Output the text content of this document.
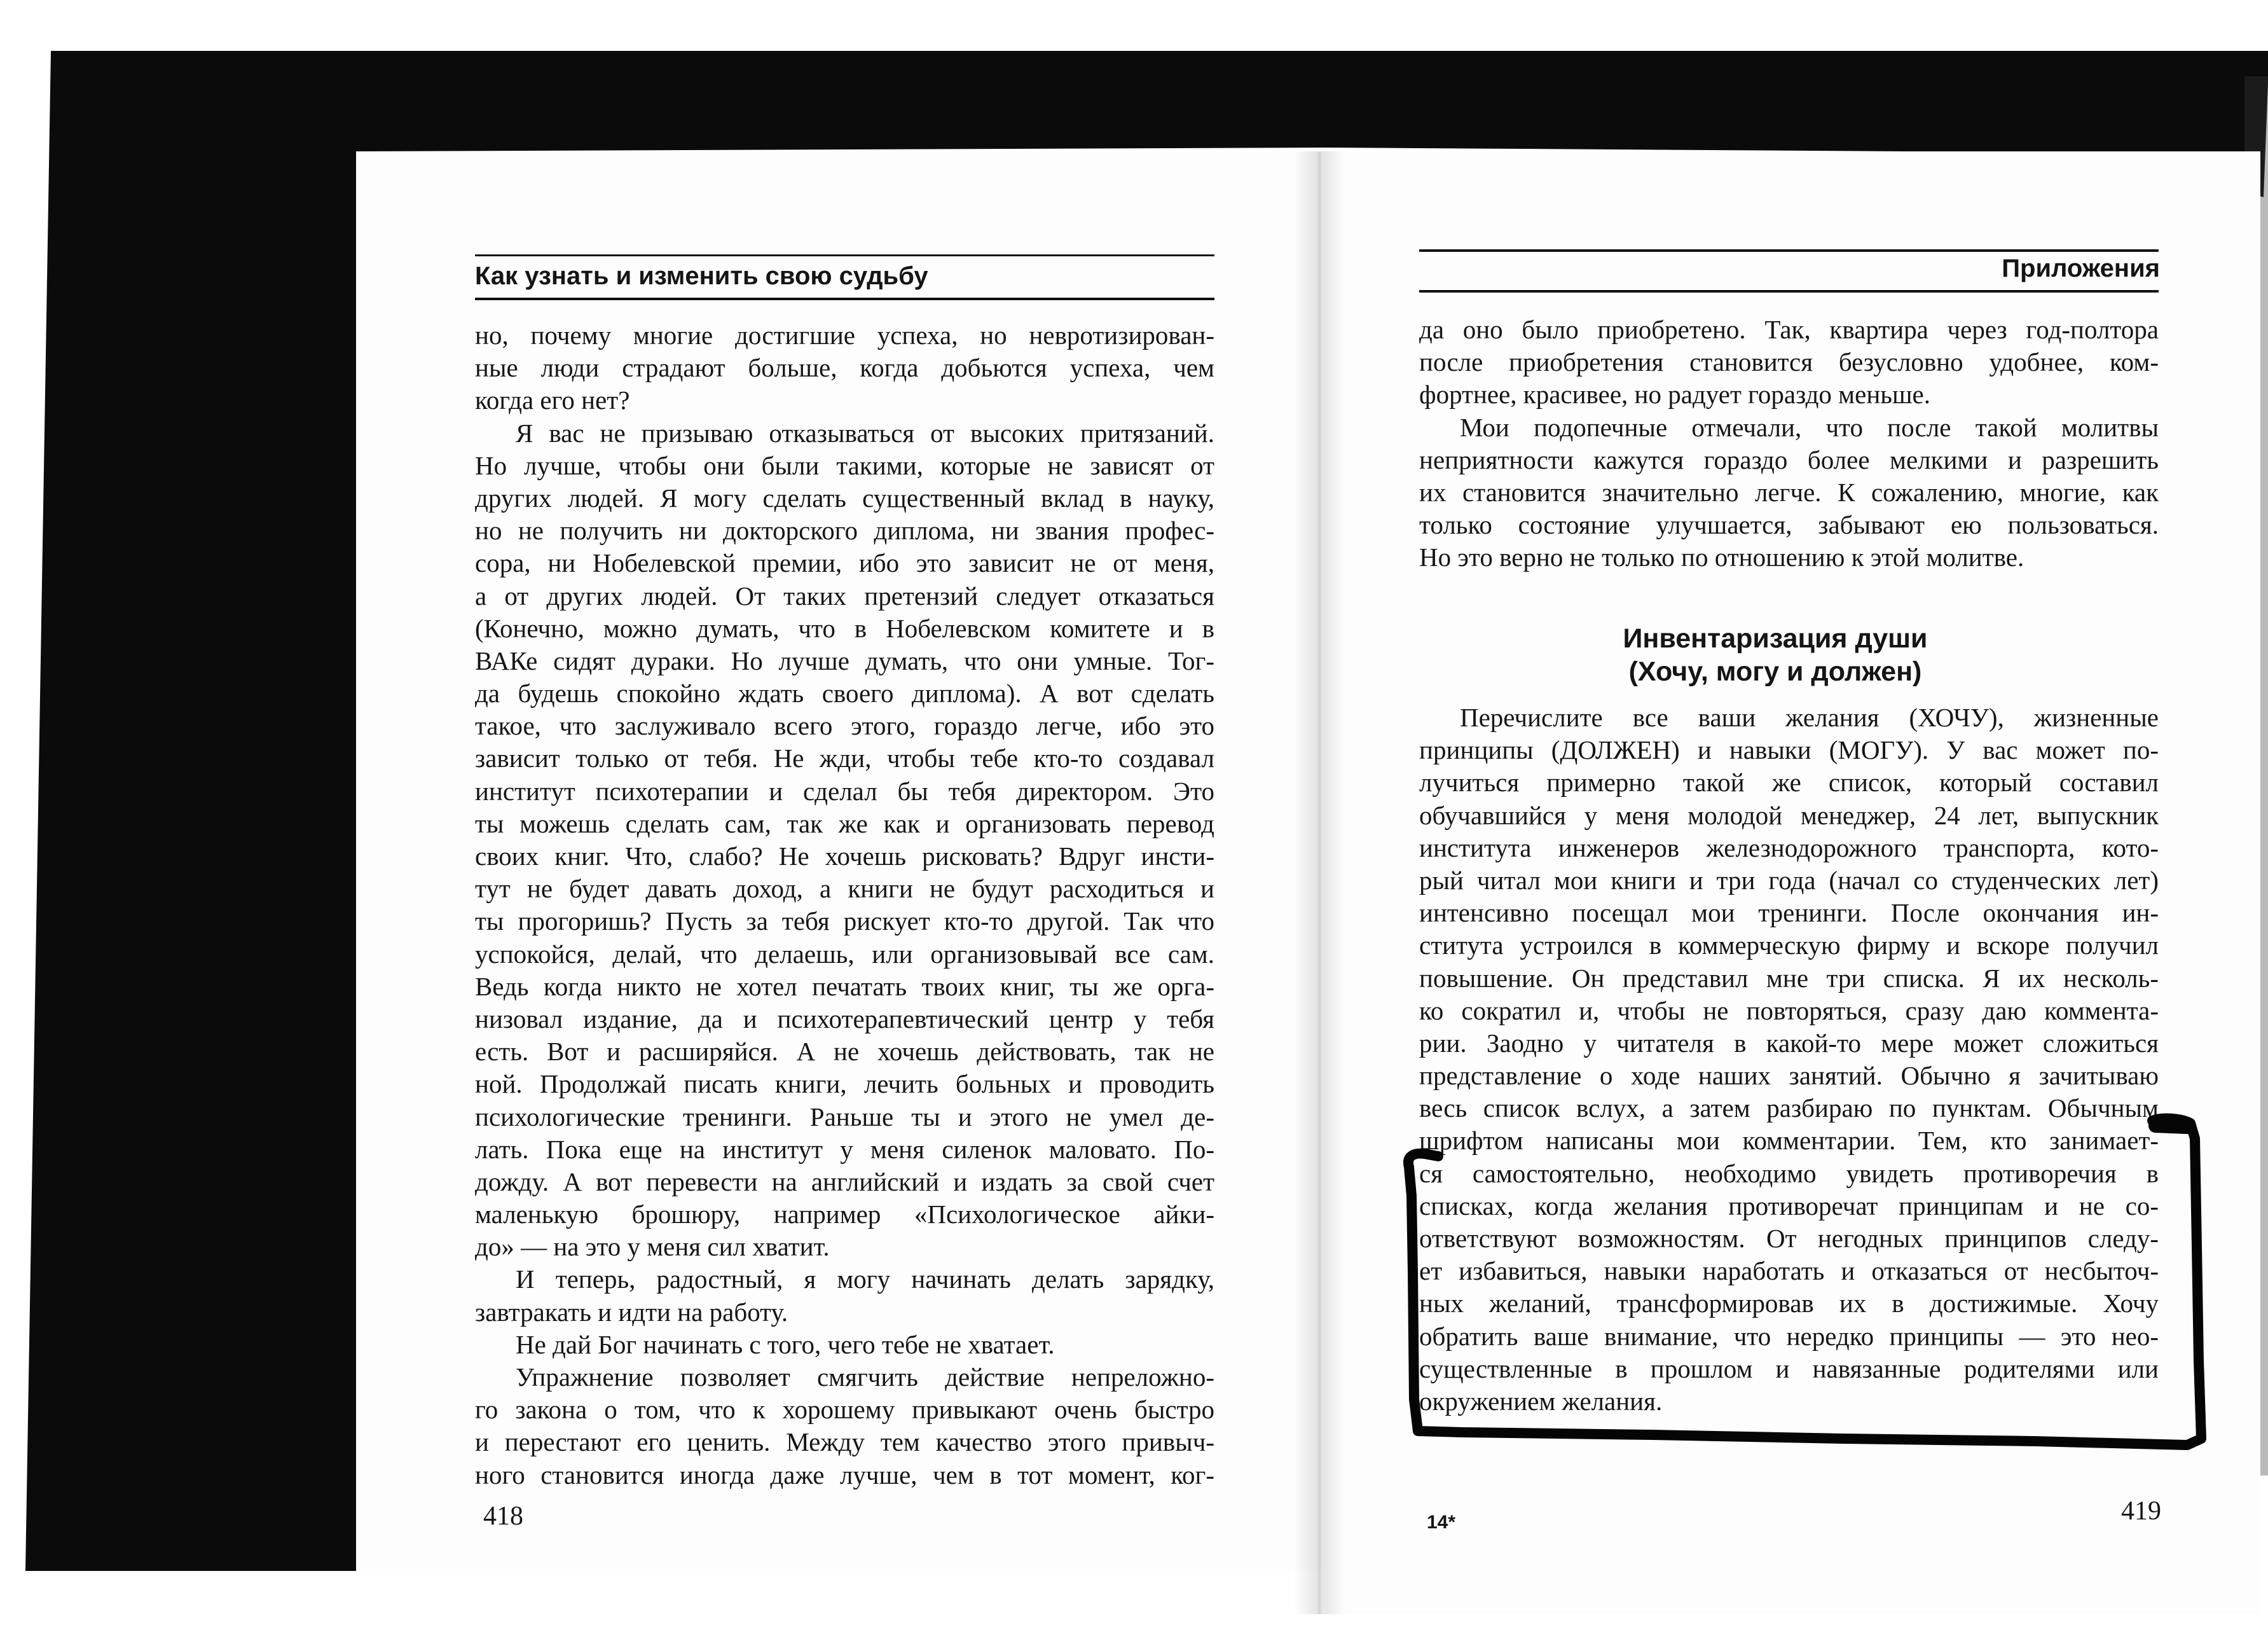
Как узнать и изменить свою судьбу
но, почему многие достигшие успеха, но невротизирован-
ные люди страдают больше, когда добьются успеха, чем
когда его нет?
Я вас не призываю отказываться от высоких притязаний.
Но лучше, чтобы они были такими, которые не зависят от
других людей. Я могу сделать существенный вклад в науку,
но не получить ни докторского диплома, ни звания профес-
сора, ни Нобелевской премии, ибо это зависит не от меня,
а от других людей. От таких претензий следует отказаться
(Конечно, можно думать, что в Нобелевском комитете и в
ВАКе сидят дураки. Но лучше думать, что они умные. Тог-
да будешь спокойно ждать своего диплома). А вот сделать
такое, что заслуживало всего этого, гораздо легче, ибо это
зависит только от тебя. Не жди, чтобы тебе кто-то создавал
институт психотерапии и сделал бы тебя директором. Это
ты можешь сделать сам, так же как и организовать перевод
своих книг. Что, слабо? Не хочешь рисковать? Вдруг инсти-
тут не будет давать доход, а книги не будут расходиться и
ты прогоришь? Пусть за тебя рискует кто-то другой. Так что
успокойся, делай, что делаешь, или организовывай все сам.
Ведь когда никто не хотел печатать твоих книг, ты же орга-
низовал издание, да и психотерапевтический центр у тебя
есть. Вот и расширяйся. А не хочешь действовать, так не
ной. Продолжай писать книги, лечить больных и проводить
психологические тренинги. Раньше ты и этого не умел де-
лать. Пока еще на институт у меня силенок маловато. По-
дожду. А вот перевести на английский и издать за свой счет
маленькую брошюру, например «Психологическое айки-
до» — на это у меня сил хватит.
И теперь, радостный, я могу начинать делать зарядку,
завтракать и идти на работу.
Не дай Бог начинать с того, чего тебе не хватает.
Упражнение позволяет смягчить действие непреложно-
го закона о том, что к хорошему привыкают очень быстро
и перестают его ценить. Между тем качество этого привыч-
ного становится иногда даже лучше, чем в тот момент, ког-
418
Приложения
да оно было приобретено. Так, квартира через год-полтора
после приобретения становится безусловно удобнее, ком-
фортнее, красивее, но радует гораздо меньше.
Мои подопечные отмечали, что после такой молитвы
неприятности кажутся гораздо более мелкими и разрешить
их становится значительно легче. К сожалению, многие, как
только состояние улучшается, забывают ею пользоваться.
Но это верно не только по отношению к этой молитве.
Инвентаризация души
(Хочу, могу и должен)
Перечислите все ваши желания (ХОЧУ), жизненные
принципы (ДОЛЖЕН) и навыки (МОГУ). У вас может по-
лучиться примерно такой же список, который составил
обучавшийся у меня молодой менеджер, 24 лет, выпускник
института инженеров железнодорожного транспорта, кото-
рый читал мои книги и три года (начал со студенческих лет)
интенсивно посещал мои тренинги. После окончания ин-
ститута устроился в коммерческую фирму и вскоре получил
повышение. Он представил мне три списка. Я их несколь-
ко сократил и, чтобы не повторяться, сразу даю коммента-
рии. Заодно у читателя в какой-то мере может сложиться
представление о ходе наших занятий. Обычно я зачитываю
весь список вслух, а затем разбираю по пунктам. Обычным
шрифтом написаны мои комментарии. Тем, кто занимает-
ся самостоятельно, необходимо увидеть противоречия в
списках, когда желания противоречат принципам и не со-
ответствуют возможностям. От негодных принципов следу-
ет избавиться, навыки наработать и отказаться от несбыточ-
ных желаний, трансформировав их в достижимые. Хочу
обратить ваше внимание, что нередко принципы — это нео-
существленные в прошлом и навязанные родителями или
окружением желания.
14*	419
